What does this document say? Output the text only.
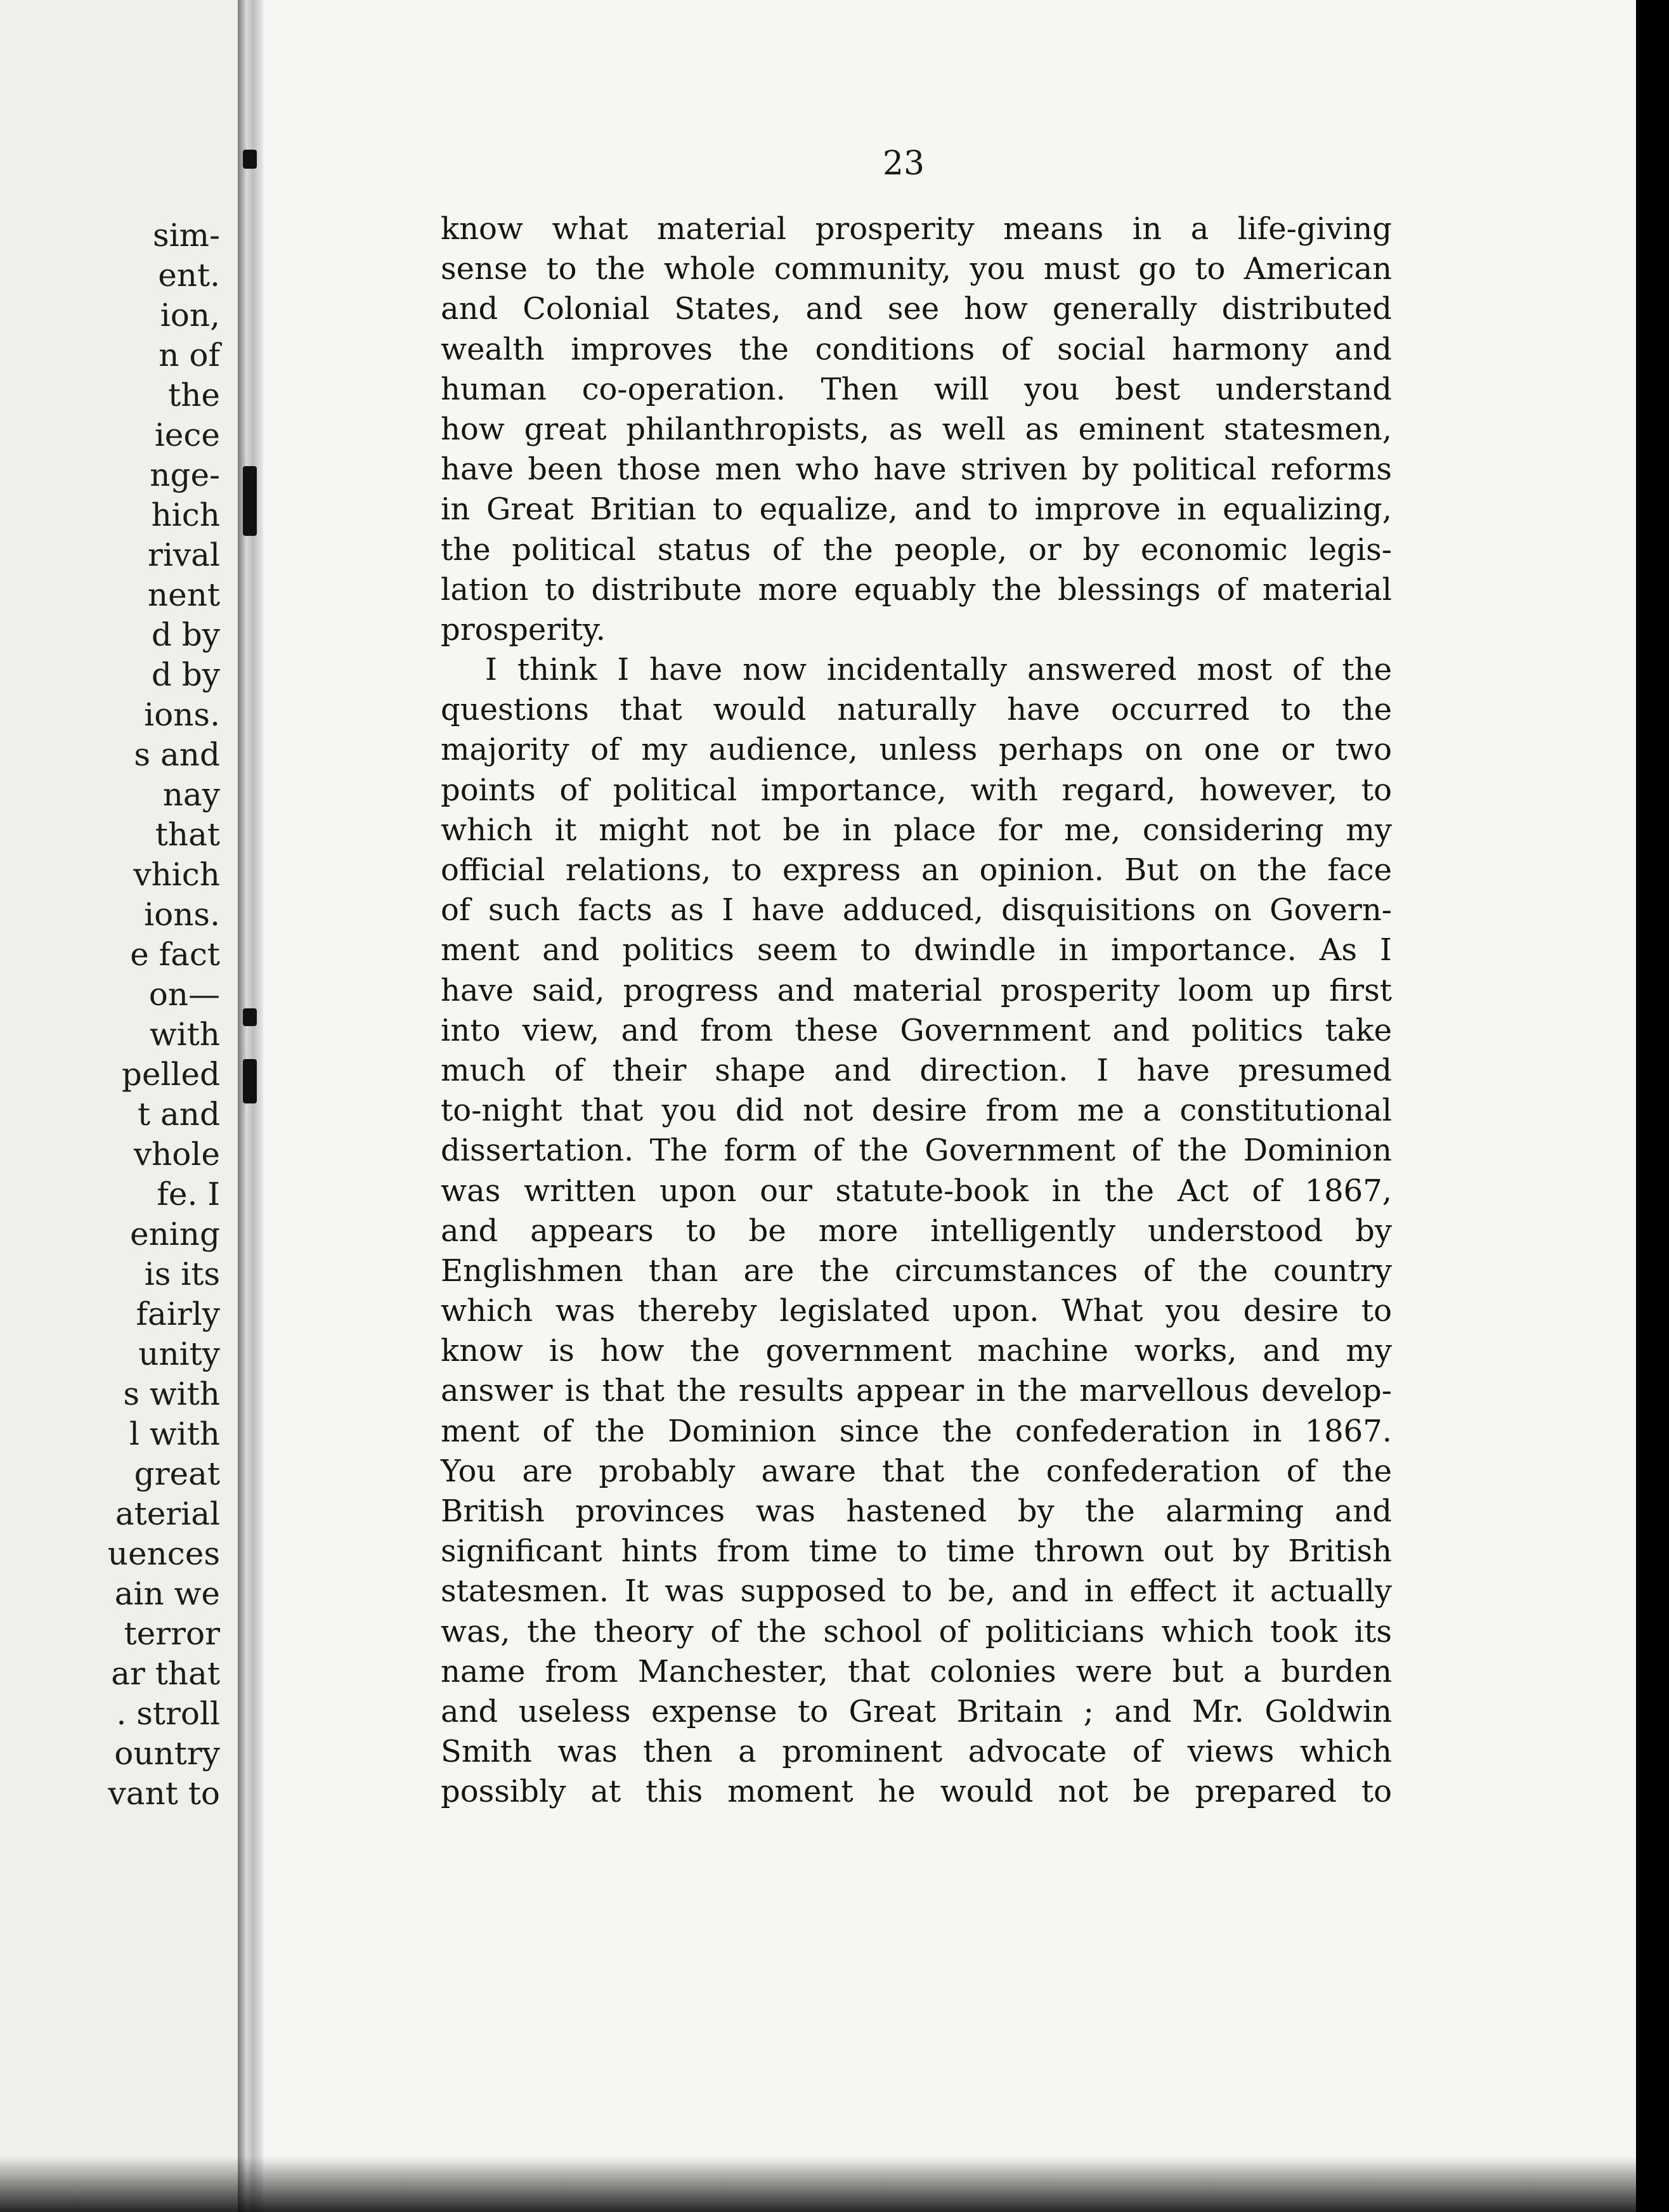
sim-
ent.
ion,
n of
the
iece
nge-
hich
rival
nent
d by
d by
ions.
s and
nay
that
vhich
ions.
e fact
on—
with
pelled
t and
vhole
fe. I
ening
is its
fairly
unity
s with
l with
great
aterial
uences
ain we
terror
ar that
. stroll
ountry
vant to
23
know what material prosperity means in a life-giving
sense to the whole community, you must go to American
and Colonial States, and see how generally distributed
wealth improves the conditions of social harmony and
human co-operation. Then will you best understand
how great philanthropists, as well as eminent statesmen,
have been those men who have striven by political reforms
in Great Britian to equalize, and to improve in equalizing,
the political status of the people, or by economic legis-
lation to distribute more equably the blessings of material
prosperity.
I think I have now incidentally answered most of the
questions that would naturally have occurred to the
majority of my audience, unless perhaps on one or two
points of political importance, with regard, however, to
which it might not be in place for me, considering my
official relations, to express an opinion. But on the face
of such facts as I have adduced, disquisitions on Govern-
ment and politics seem to dwindle in importance. As I
have said, progress and material prosperity loom up first
into view, and from these Government and politics take
much of their shape and direction. I have presumed
to-night that you did not desire from me a constitutional
dissertation. The form of the Government of the Dominion
was written upon our statute-book in the Act of 1867,
and appears to be more intelligently understood by
Englishmen than are the circumstances of the country
which was thereby legislated upon. What you desire to
know is how the government machine works, and my
answer is that the results appear in the marvellous develop-
ment of the Dominion since the confederation in 1867.
You are probably aware that the confederation of the
British provinces was hastened by the alarming and
significant hints from time to time thrown out by British
statesmen. It was supposed to be, and in effect it actually
was, the theory of the school of politicians which took its
name from Manchester, that colonies were but a burden
and useless expense to Great Britain ; and Mr. Goldwin
Smith was then a prominent advocate of views which
possibly at this moment he would not be prepared to
